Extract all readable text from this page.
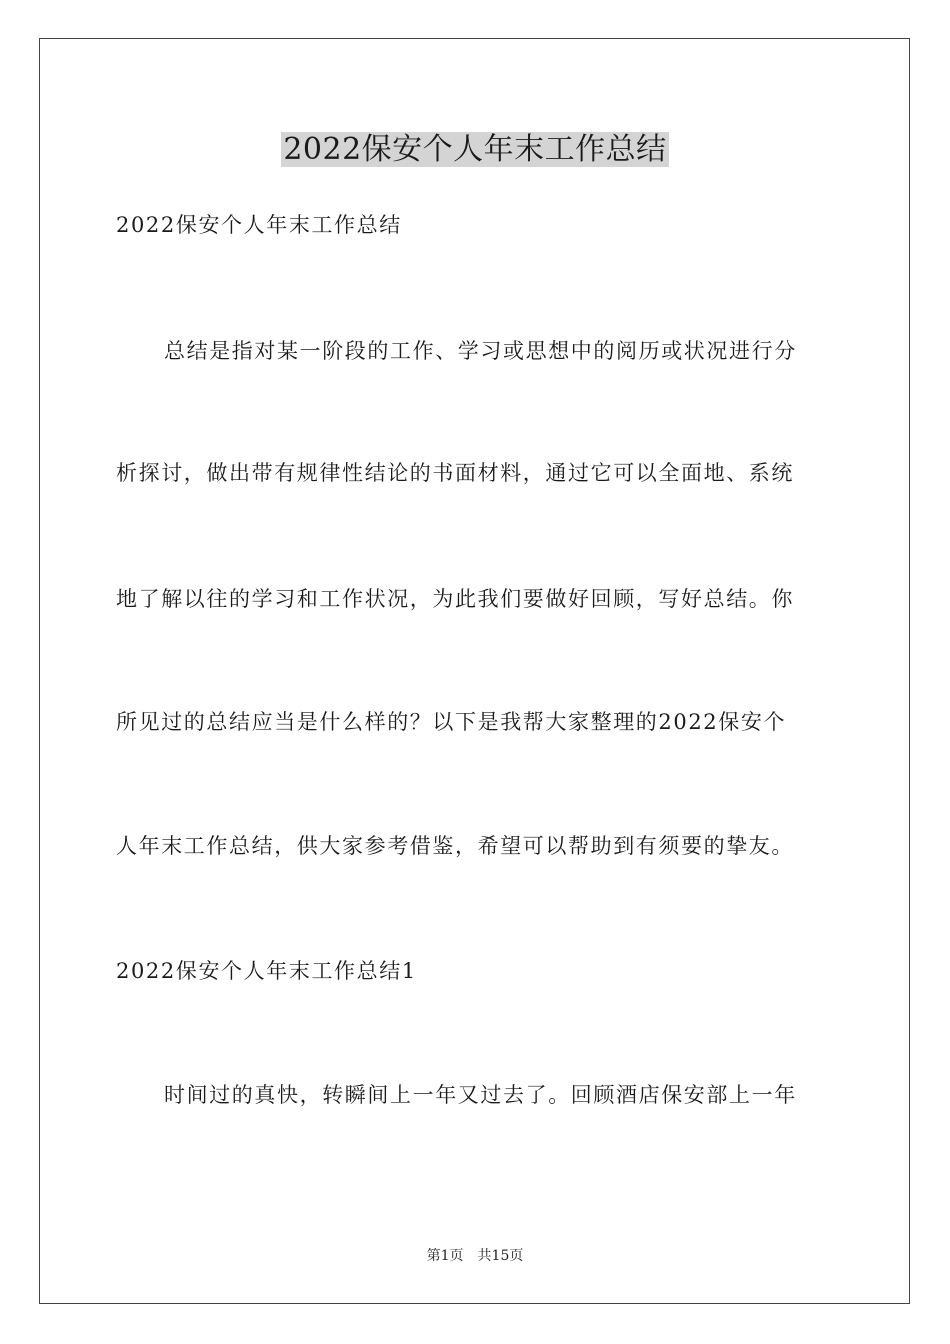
2022保安个人年末工作总结
2022保安个人年末工作总结
总结是指对某一阶段的工作、学习或思想中的阅历或状况进行分
析探讨，做出带有规律性结论的书面材料，通过它可以全面地、系统
地了解以往的学习和工作状况，为此我们要做好回顾，写好总结。你
所见过的总结应当是什么样的？以下是我帮大家整理的2022保安个
人年末工作总结，供大家参考借鉴，希望可以帮助到有须要的挚友。
2022保安个人年末工作总结1
时间过的真快，转瞬间上一年又过去了。回顾酒店保安部上一年
第1页　共15页
